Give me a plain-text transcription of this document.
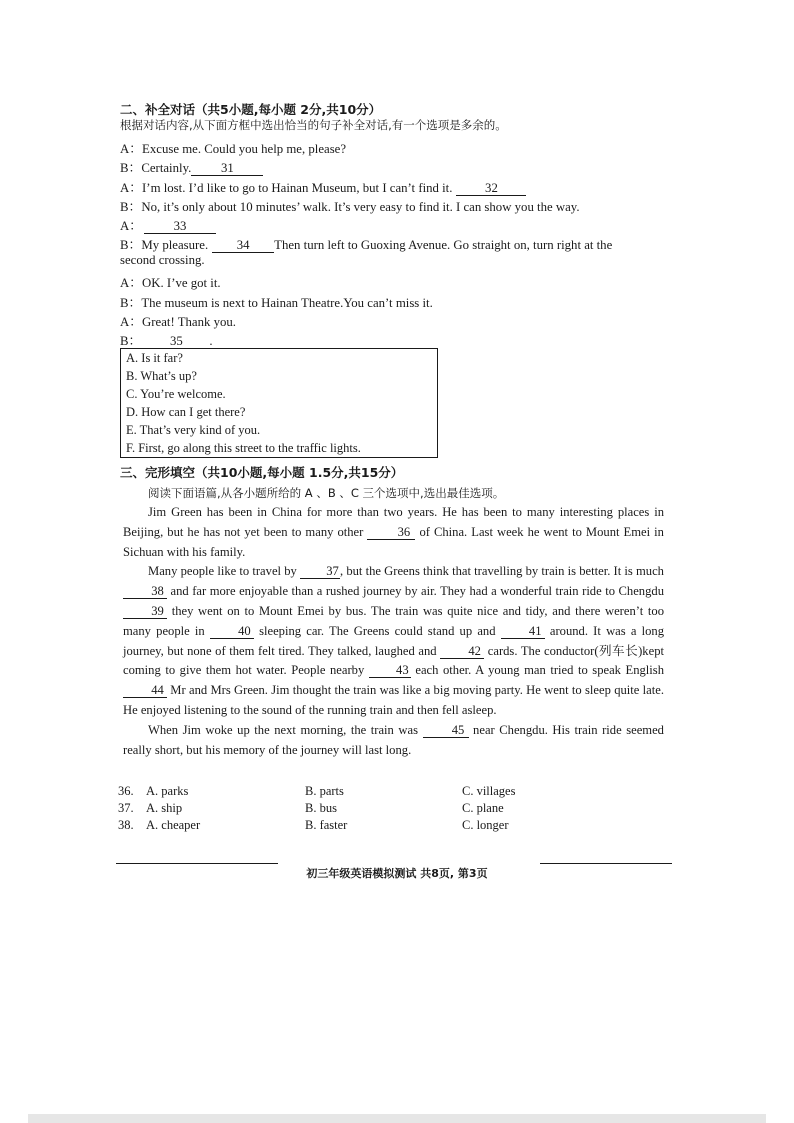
二、补全对话（共5小题,每小题 2分,共10分）
根据对话内容,从下面方框中选出恰当的句子补全对话,有一个选项是多余的。
A：Excuse me. Could you help me, please?
B：Certainly. 31
A：I’m lost. I’d like to go to Hainan Museum, but I can’t find it.	32
B：No, it’s only about 10 minutes’ walk. It’s very easy to find it. I can show you the way.
A： 33
B：My pleasure. 34 Then turn left to Guoxing Avenue. Go straight on, turn right at the
second crossing.
A：OK. I’ve got it.
B：The museum is next to Hainan Theatre.You can’t miss it.
A：Great! Thank you.
B： 35 .
A. Is it far?
B. What’s up?
C. You’re welcome.
D. How can I get there?
E. That’s very kind of you.
F. First, go along this street to the traffic lights.
三、完形填空（共10小题,每小题 1.5分,共15分）
阅读下面语篇,从各小题所给的 A 、B 、C 三个选项中,选出最佳选项。

Jim Green has been in China for more than two years. He has been to many interesting places in Beijing, but he has not yet been to many other 36 of China. Last week he went to Mount Emei in Sichuan with his family.

Many people like to travel by 37, but the Greens think that travelling by train is better. It is much 38 and far more enjoyable than a rushed journey by air. They had a wonderful train ride to Chengdu 39 they went on to Mount Emei by bus. The train was quite nice and tidy, and there weren’t too many people in 40 sleeping car. The Greens could stand up and 41 around. It was a long journey, but none of them felt tired. They talked, laughed and 42 cards. The conductor(列车长)kept coming to give them hot water. People nearby 43 each other. A young man tried to speak English 44 Mr and Mrs Green. Jim thought the train was like a big moving party. He went to sleep quite late. He enjoyed listening to the sound of the running train and then fell asleep.

When Jim woke up the next morning, the train was 45 near Chengdu. His train ride seemed really short, but his memory of the journey will last long.

36. A. parks	B. parts	C. villages
37. A. ship	B. bus	C. plane
38. A. cheaper	B. faster	C. longer
初三年级英语模拟测试 共8页, 第3页
